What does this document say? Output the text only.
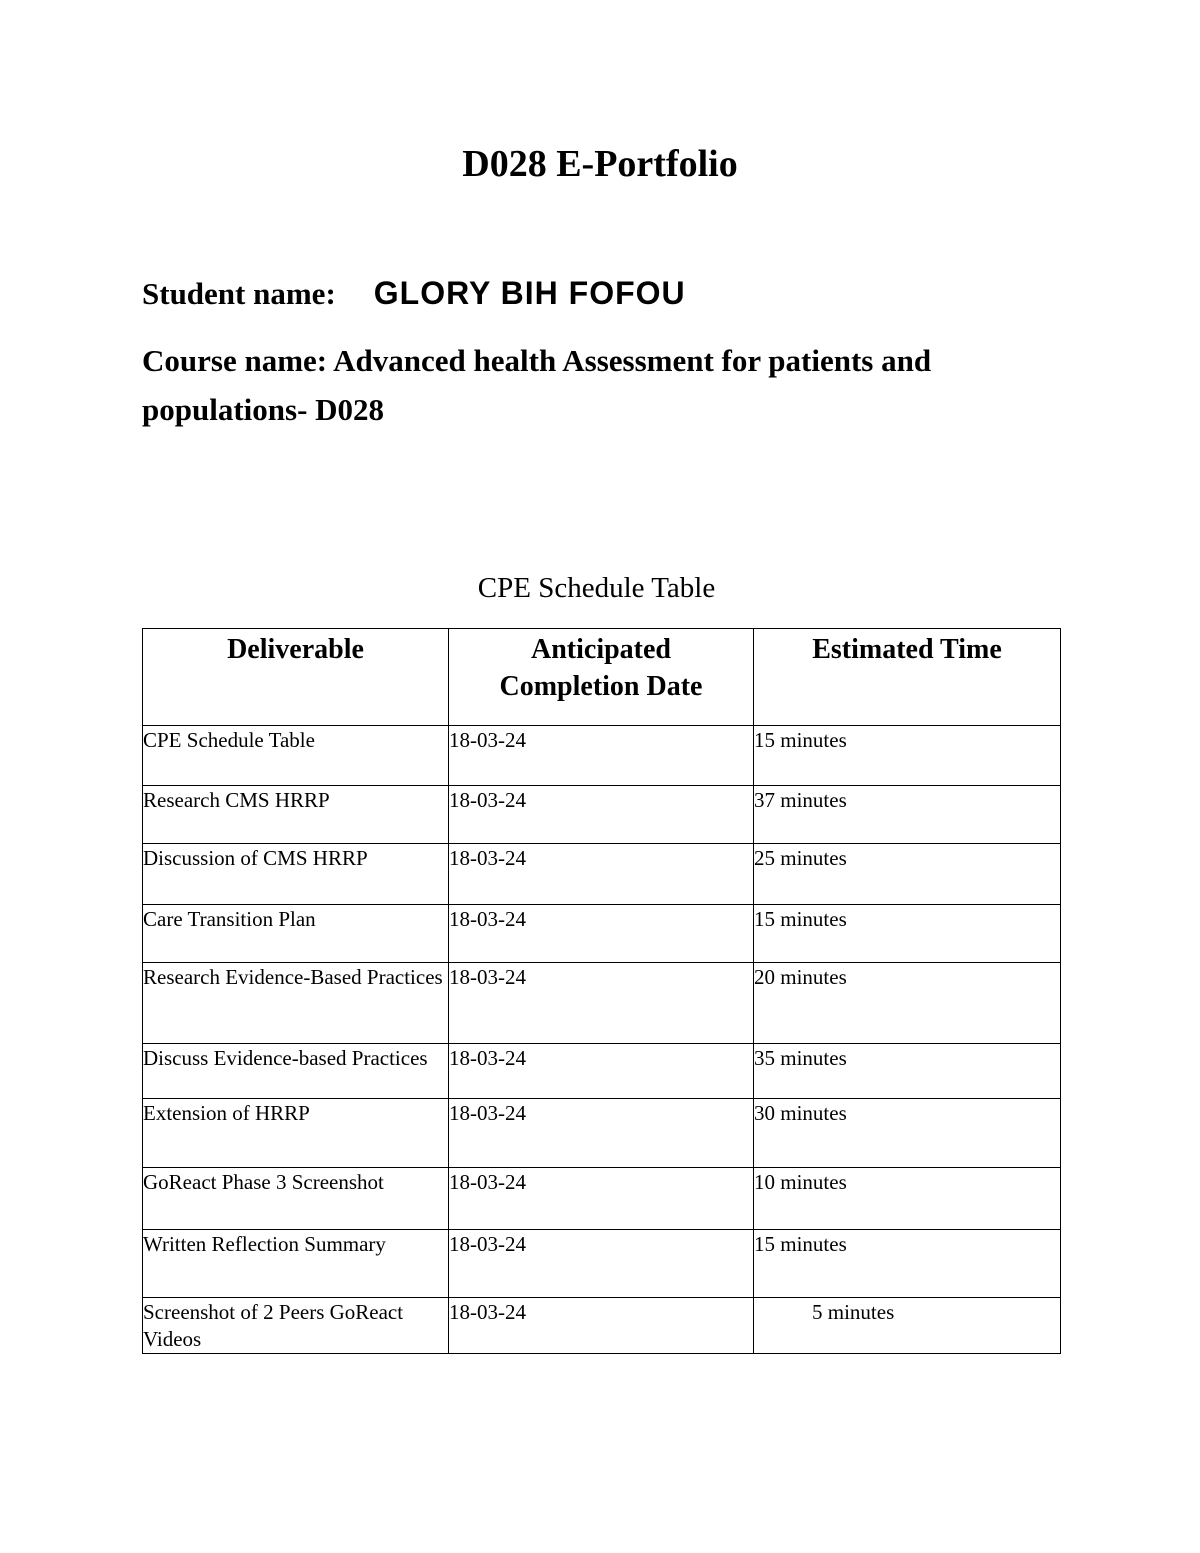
D028 E-Portfolio
Student name: GLORY BIH FOFOU
Course name: Advanced health Assessment for patients and populations- D028
CPE Schedule Table
Deliverable	Anticipated Completion Date	Estimated Time
CPE Schedule Table	18-03-24	15 minutes
Research CMS HRRP	18-03-24	37 minutes
Discussion of CMS HRRP	18-03-24	25 minutes
Care Transition Plan	18-03-24	15 minutes
Research Evidence-Based Practices	18-03-24	20 minutes
Discuss Evidence-based Practices	18-03-24	35 minutes
Extension of HRRP	18-03-24	30 minutes
GoReact Phase 3 Screenshot	18-03-24	10 minutes
Written Reflection Summary	18-03-24	15 minutes
Screenshot of 2 Peers GoReact Videos	18-03-24	5 minutes
